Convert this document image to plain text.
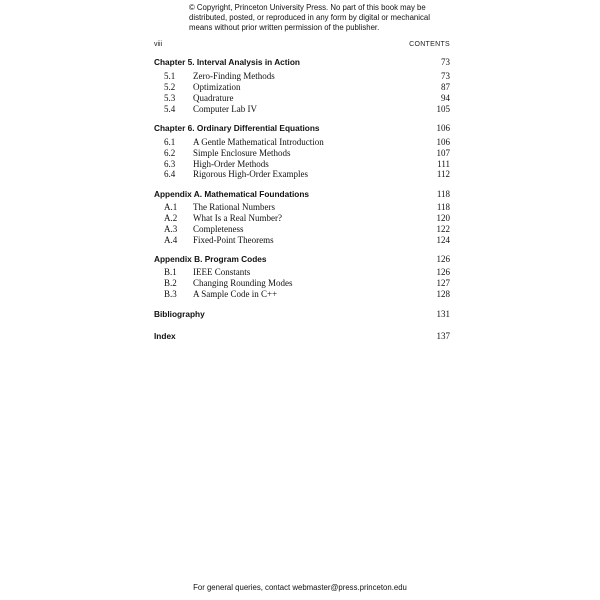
© Copyright, Princeton University Press. No part of this book may be
distributed, posted, or reproduced in any form by digital or mechanical
means without prior written permission of the publisher.
viii	CONTENTS
Chapter 5. Interval Analysis in Action	73
5.1 Zero-Finding Methods	73
5.2 Optimization	87
5.3 Quadrature	94
5.4 Computer Lab IV	105
Chapter 6. Ordinary Differential Equations	106
6.1 A Gentle Mathematical Introduction	106
6.2 Simple Enclosure Methods	107
6.3 High-Order Methods	111
6.4 Rigorous High-Order Examples	112
Appendix A. Mathematical Foundations	118
A.1 The Rational Numbers	118
A.2 What Is a Real Number?	120
A.3 Completeness	122
A.4 Fixed-Point Theorems	124
Appendix B. Program Codes	126
B.1 IEEE Constants	126
B.2 Changing Rounding Modes	127
B.3 A Sample Code in C++	128
Bibliography	131
Index	137
For general queries, contact webmaster@press.princeton.edu
